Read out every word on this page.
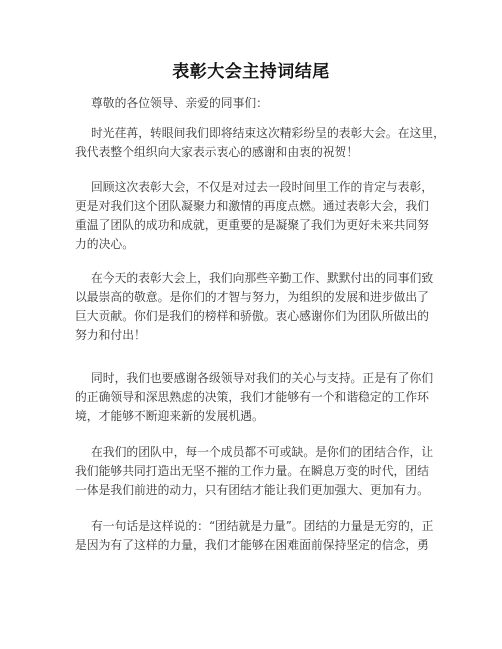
表彰大会主持词结尾
尊敬的各位领导、亲爱的同事们：
时光荏苒，转眼间我们即将结束这次精彩纷呈的表彰大会。在这里，
我代表整个组织向大家表示衷心的感谢和由衷的祝贺！
回顾这次表彰大会，不仅是对过去一段时间里工作的肯定与表彰，
更是对我们这个团队凝聚力和激情的再度点燃。通过表彰大会，我们
重温了团队的成功和成就，更重要的是凝聚了我们为更好未来共同努
力的决心。
在今天的表彰大会上，我们向那些辛勤工作、默默付出的同事们致
以最崇高的敬意。是你们的才智与努力，为组织的发展和进步做出了
巨大贡献。你们是我们的榜样和骄傲。衷心感谢你们为团队所做出的
努力和付出！
同时，我们也要感谢各级领导对我们的关心与支持。正是有了你们
的正确领导和深思熟虑的决策，我们才能够有一个和谐稳定的工作环
境，才能够不断迎来新的发展机遇。
在我们的团队中，每一个成员都不可或缺。是你们的团结合作，让
我们能够共同打造出无坚不摧的工作力量。在瞬息万变的时代，团结
一体是我们前进的动力，只有团结才能让我们更加强大、更加有力。
有一句话是这样说的：“团结就是力量”。团结的力量是无穷的，正
是因为有了这样的力量，我们才能够在困难面前保持坚定的信念，勇
